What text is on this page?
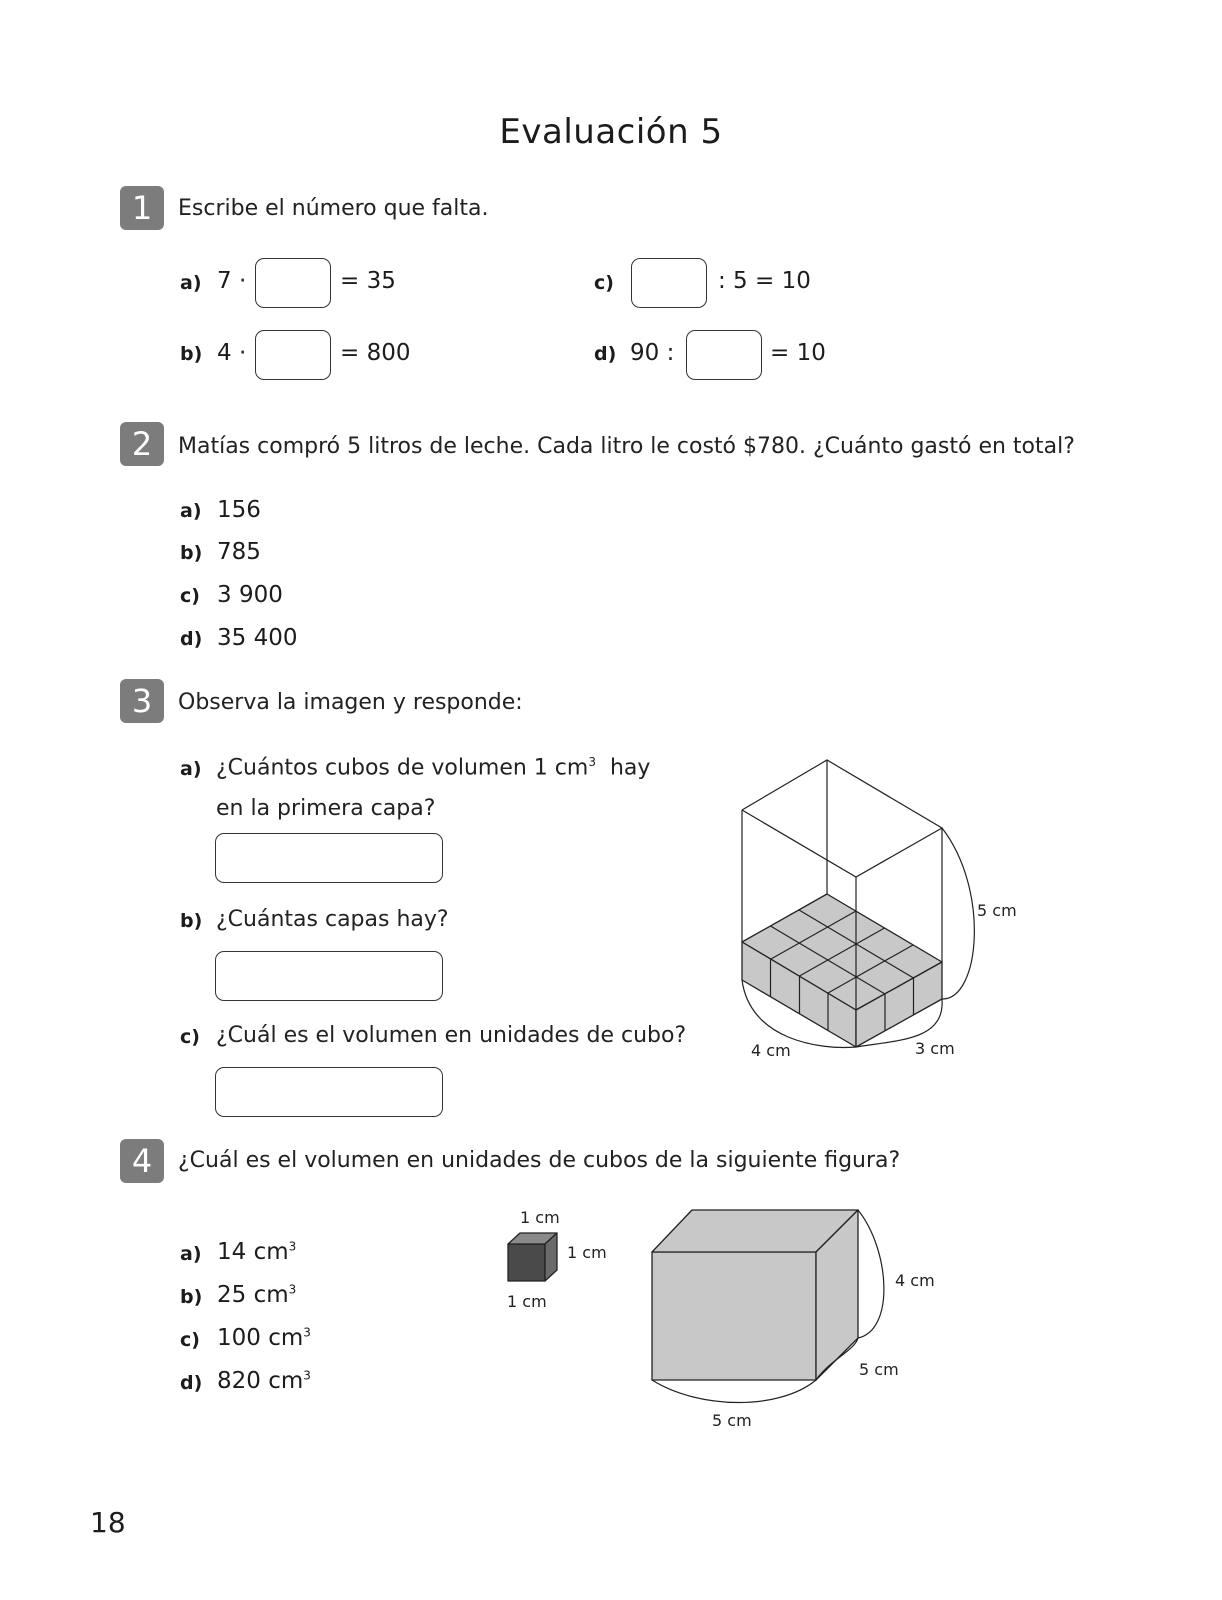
Evaluación 5
1	Escribe el número que falta.
a) 7 ·	= 35
b) 4 ·	= 800
c)	: 5 = 10
d) 90 :	= 10
2	Matías compró 5 litros de leche. Cada litro le costó $780. ¿Cuánto gastó en total?
a) 156
b) 785
c) 3 900
d) 35 400
3	Observa la imagen y responde:
a) ¿Cuántos cubos de volumen 1 $cm^3$ hay
en la primera capa?
b) ¿Cuántas capas hay?
c) ¿Cuál es el volumen en unidades de cubo?
5 cm
4 cm	3 cm
4	¿Cuál es el volumen en unidades de cubos de la siguiente figura?
a) 14 $cm^3$
b) 25 $cm^3$
c) 100 $cm^3$
d) 820 $cm^3$
1 cm
1 cm
1 cm
4 cm
5 cm
5 cm
18
